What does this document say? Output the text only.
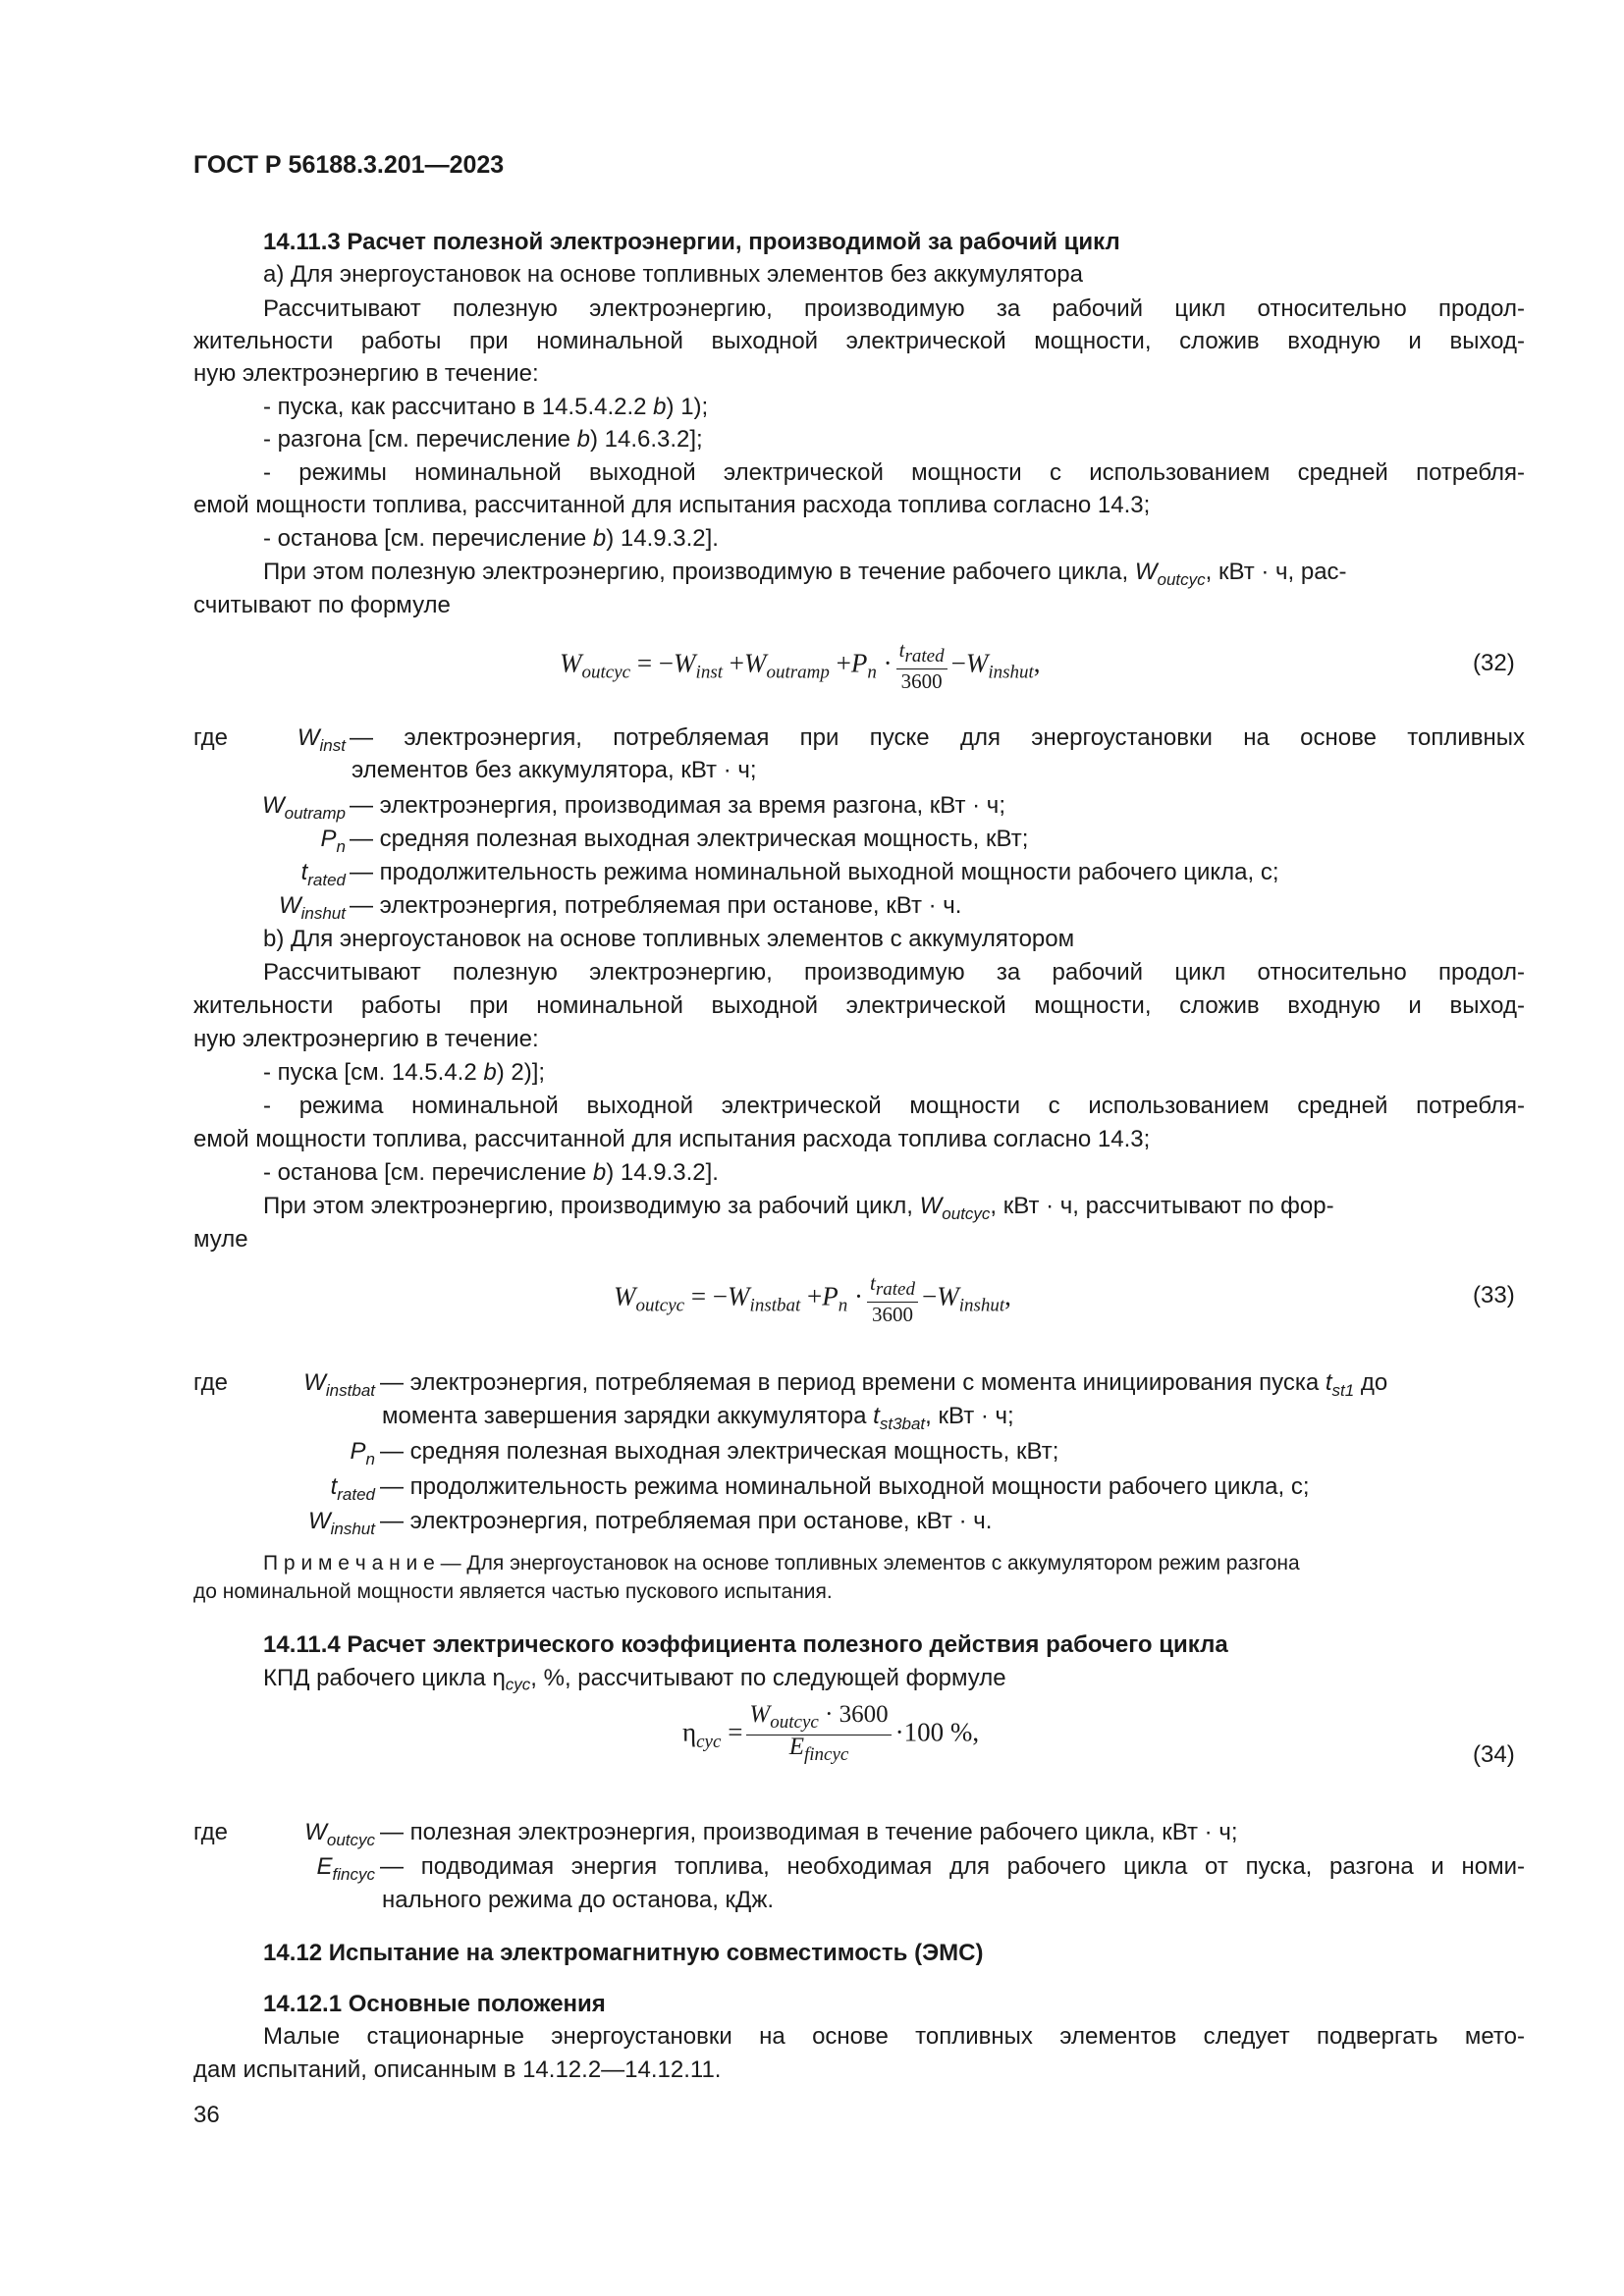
ГОСТ Р 56188.3.201—2023
14.11.3 Расчет полезной электроэнергии, производимой за рабочий цикл
а) Для энергоустановок на основе топливных элементов без аккумулятора
Рассчитывают полезную электроэнергию, производимую за рабочий цикл относительно продол-
жительности работы при номинальной выходной электрической мощности, сложив входную и выход-
ную электроэнергию в течение:
- пуска, как рассчитано в 14.5.4.2.2 b) 1);
- разгона [см. перечисление b) 14.6.3.2];
- режимы номинальной выходной электрической мощности с использованием средней потребля-
емой мощности топлива, рассчитанной для испытания расхода топлива согласно 14.3;
- останова [см. перечисление b) 14.9.3.2].
При этом полезную электроэнергию, производимую в течение рабочего цикла, $W_{outcyc}$, кВт · ч, рас-
считывают по формуле
$W_{outcyc} = -W_{inst} +W_{outramp} +P_n \cdot \frac{t_{rated}}{3600} -W_{inshut}$,	(32)
где	$W_{inst}$ — электроэнергия, потребляемая при пуске для энергоустановки на основе топливных
элементов без аккумулятора, кВт · ч;
$W_{outramp}$ — электроэнергия, производимая за время разгона, кВт · ч;
$P_n$ — средняя полезная выходная электрическая мощность, кВт;
$t_{rated}$ — продолжительность режима номинальной выходной мощности рабочего цикла, с;
$W_{inshut}$ — электроэнергия, потребляемая при останове, кВт · ч.
b) Для энергоустановок на основе топливных элементов с аккумулятором
Рассчитывают полезную электроэнергию, производимую за рабочий цикл относительно продол-
жительности работы при номинальной выходной электрической мощности, сложив входную и выход-
ную электроэнергию в течение:
- пуска [см. 14.5.4.2 b) 2)];
- режима номинальной выходной электрической мощности с использованием средней потребля-
емой мощности топлива, рассчитанной для испытания расхода топлива согласно 14.3;
- останова [см. перечисление b) 14.9.3.2].
При этом электроэнергию, производимую за рабочий цикл, $W_{outcyc}$, кВт · ч, рассчитывают по фор-
муле
$W_{outcyc} = -W_{instbat} +P_n \cdot \frac{t_{rated}}{3600} -W_{inshut}$,	(33)
где	$W_{instbat}$ — электроэнергия, потребляемая в период времени с момента инициирования пуска $t_{st1}$ до
момента завершения зарядки аккумулятора $t_{st3bat}$, кВт · ч;
$P_n$ — средняя полезная выходная электрическая мощность, кВт;
$t_{rated}$ — продолжительность режима номинальной выходной мощности рабочего цикла, с;
$W_{inshut}$ — электроэнергия, потребляемая при останове, кВт · ч.
П р и м е ч а н и е — Для энергоустановок на основе топливных элементов с аккумулятором режим разгона
до номинальной мощности является частью пускового испытания.
14.11.4 Расчет электрического коэффициента полезного действия рабочего цикла
КПД рабочего цикла $\eta_{cyc}$, %, рассчитывают по следующей формуле
$\eta_{cyc} = \frac{W_{outcyc} \cdot 3600}{E_{fincyc}} \cdot 100$ %,
(34)
где	$W_{outcyc}$ — полезная электроэнергия, производимая в течение рабочего цикла, кВт · ч;
$E_{fincyc}$ — подводимая энергия топлива, необходимая для рабочего цикла от пуска, разгона и номи-
нального режима до останова, кДж.
14.12 Испытание на электромагнитную совместимость (ЭМС)
14.12.1 Основные положения
Малые стационарные энергоустановки на основе топливных элементов следует подвергать мето-
дам испытаний, описанным в 14.12.2—14.12.11.
36
